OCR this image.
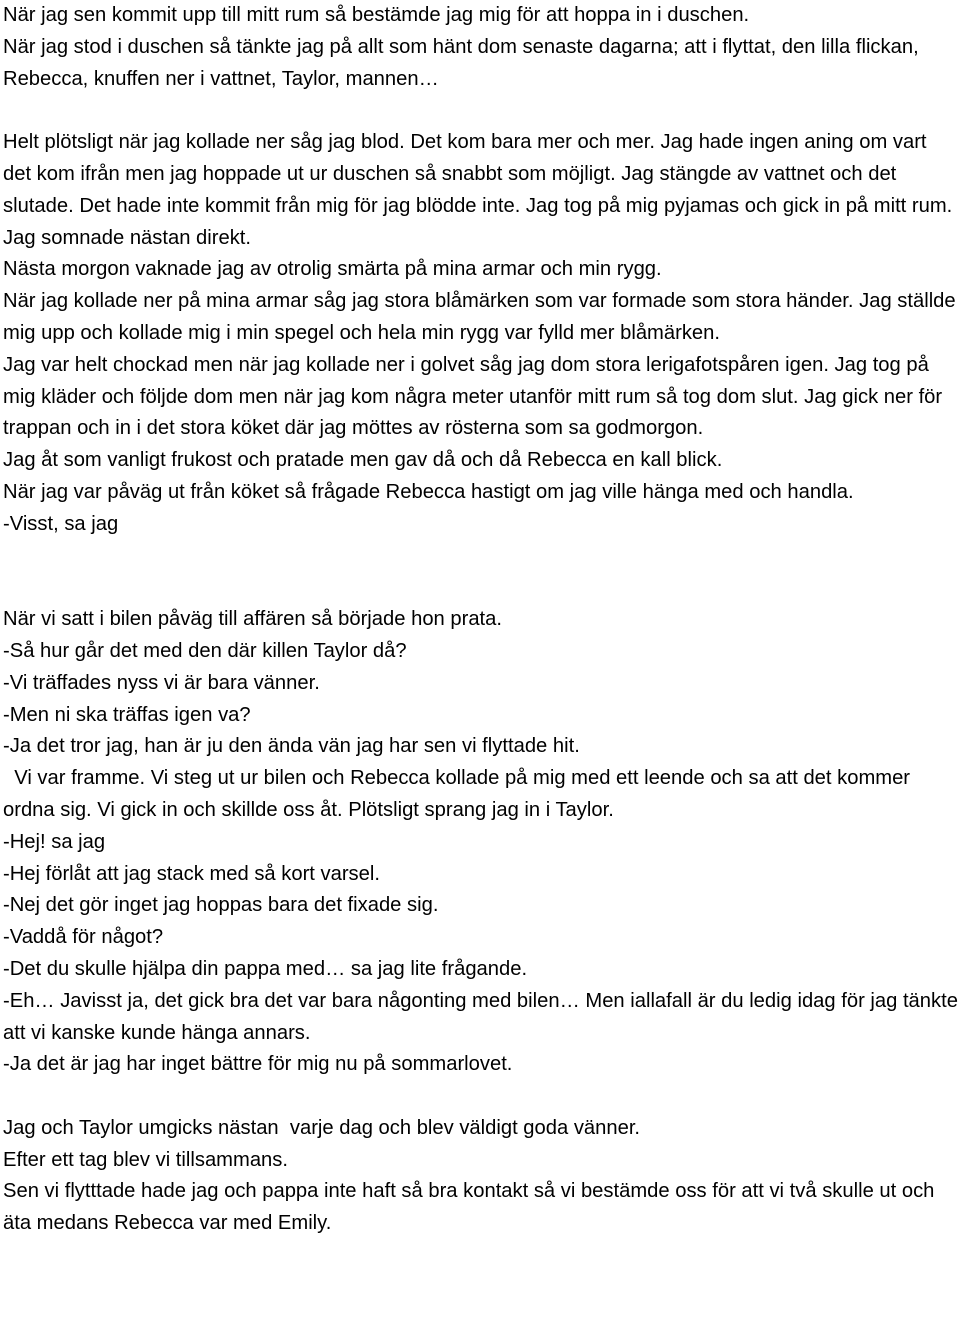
När jag sen kommit upp till mitt rum så bestämde jag mig för att hoppa in i duschen.

När jag stod i duschen så tänkte jag på allt som hänt dom senaste dagarna; att i flyttat, den lilla flickan, Rebecca, knuffen ner i vattnet, Taylor, mannen…

Helt plötsligt när jag kollade ner såg jag blod. Det kom bara mer och mer. Jag hade ingen aning om vart det kom ifrån men jag hoppade ut ur duschen så snabbt som möjligt. Jag stängde av vattnet och det slutade. Det hade inte kommit från mig för jag blödde inte. Jag tog på mig pyjamas och gick in på mitt rum. Jag somnade nästan direkt.

Nästa morgon vaknade jag av otrolig smärta på mina armar och min rygg.

När jag kollade ner på mina armar såg jag stora blåmärken som var formade som stora händer. Jag ställde mig upp och kollade mig i min spegel och hela min rygg var fylld mer blåmärken.

Jag var helt chockad men när jag kollade ner i golvet såg jag dom stora lerigafotspåren igen. Jag tog på mig kläder och följde dom men när jag kom några meter utanför mitt rum så tog dom slut. Jag gick ner för trappan och in i det stora köket där jag möttes av rösterna som sa godmorgon.

Jag åt som vanligt frukost och pratade men gav då och då Rebecca en kall blick.

När jag var påväg ut från köket så frågade Rebecca hastigt om jag ville hänga med och handla.

-Visst, sa jag

När vi satt i bilen påväg till affären så började hon prata.

-Så hur går det med den där killen Taylor då?

-Vi träffades nyss vi är bara vänner.

-Men ni ska träffas igen va?

-Ja det tror jag, han är ju den ända vän jag har sen vi flyttade hit.

Vi var framme. Vi steg ut ur bilen och Rebecca kollade på mig med ett leende och sa att det kommer ordna sig. Vi gick in och skillde oss åt. Plötsligt sprang jag in i Taylor.

-Hej! sa jag

-Hej förlåt att jag stack med så kort varsel.

-Nej det gör inget jag hoppas bara det fixade sig.

-Vaddå för något?

-Det du skulle hjälpa din pappa med… sa jag lite frågande.

-Eh… Javisst ja, det gick bra det var bara någonting med bilen… Men iallafall är du ledig idag för jag tänkte att vi kanske kunde hänga annars.

-Ja det är jag har inget bättre för mig nu på sommarlovet.

Jag och Taylor umgicks nästan  varje dag och blev väldigt goda vänner.

Efter ett tag blev vi tillsammans.

Sen vi flytttade hade jag och pappa inte haft så bra kontakt så vi bestämde oss för att vi två skulle ut och äta medans Rebecca var med Emily.
